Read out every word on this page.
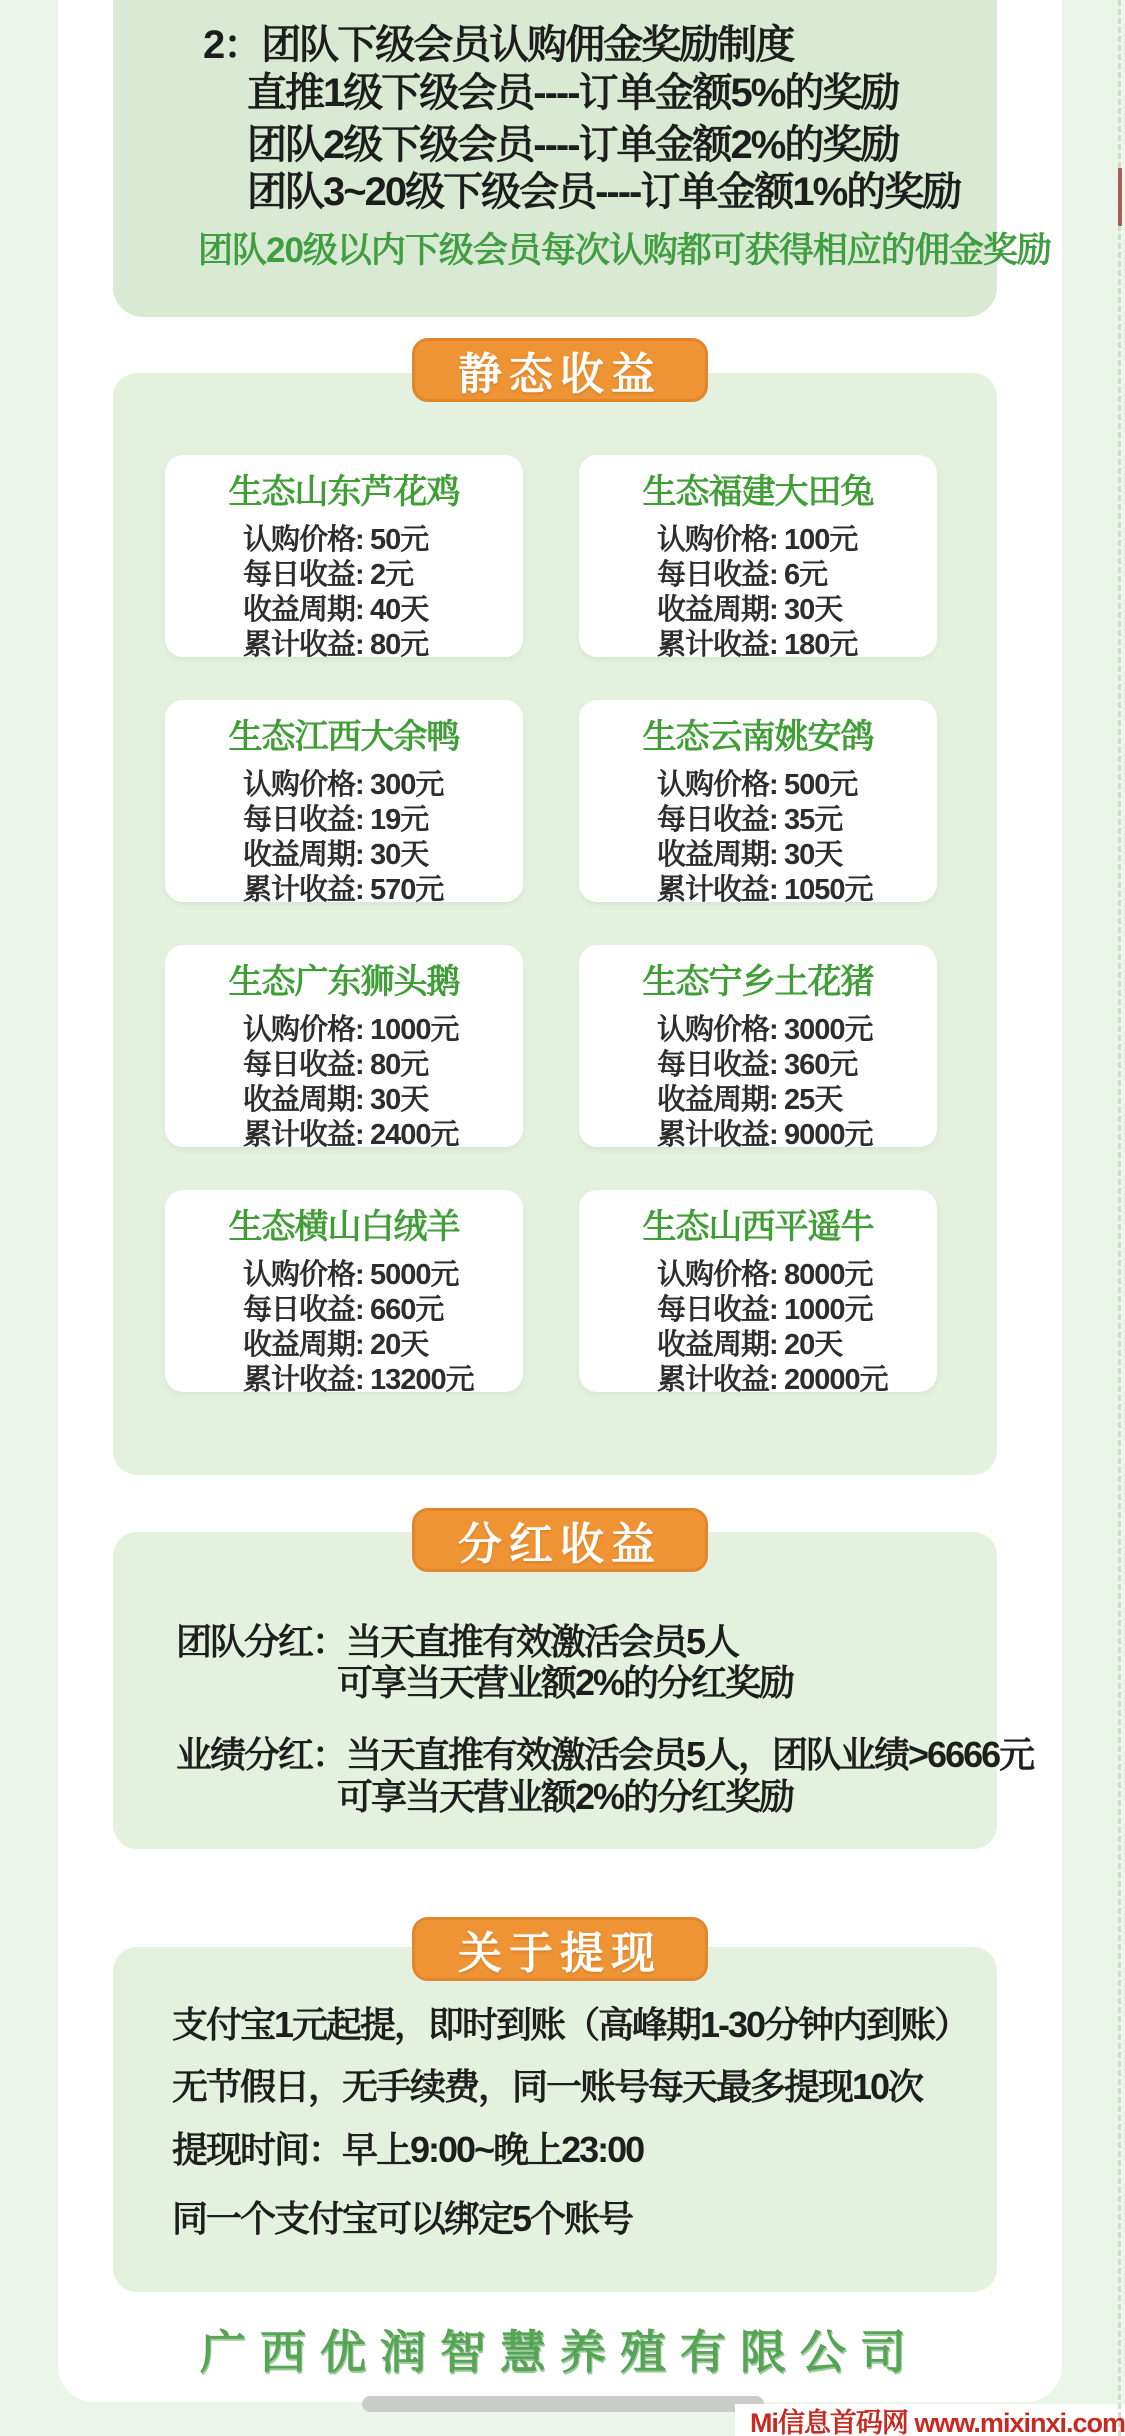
2：团队下级会员认购佣金奖励制度
直推1级下级会员----订单金额5%的奖励
团队2级下级会员----订单金额2%的奖励
团队3~20级下级会员----订单金额1%的奖励
团队20级以内下级会员每次认购都可获得相应的佣金奖励
生态山东芦花鸡
认购价格: 50元
每日收益: 2元
收益周期: 40天
累计收益: 80元
生态福建大田兔
认购价格: 100元
每日收益: 6元
收益周期: 30天
累计收益: 180元
生态江西大余鸭
认购价格: 300元
每日收益: 19元
收益周期: 30天
累计收益: 570元
生态云南姚安鸽
认购价格: 500元
每日收益: 35元
收益周期: 30天
累计收益: 1050元
生态广东狮头鹅
认购价格: 1000元
每日收益: 80元
收益周期: 30天
累计收益: 2400元
生态宁乡土花猪
认购价格: 3000元
每日收益: 360元
收益周期: 25天
累计收益: 9000元
生态横山白绒羊
认购价格: 5000元
每日收益: 660元
收益周期: 20天
累计收益: 13200元
生态山西平遥牛
认购价格: 8000元
每日收益: 1000元
收益周期: 20天
累计收益: 20000元
静态收益
团队分红：当天直推有效激活会员5人
可享当天营业额2%的分红奖励
业绩分红：当天直推有效激活会员5人，团队业绩>6666元
可享当天营业额2%的分红奖励
分红收益
支付宝1元起提，即时到账（高峰期1-30分钟内到账）
无节假日，无手续费，同一账号每天最多提现10次
提现时间：早上9:00~晚上23:00
同一个支付宝可以绑定5个账号
关于提现
广西优润智慧养殖有限公司
Mi信息首码网 www.mixinxi.com
